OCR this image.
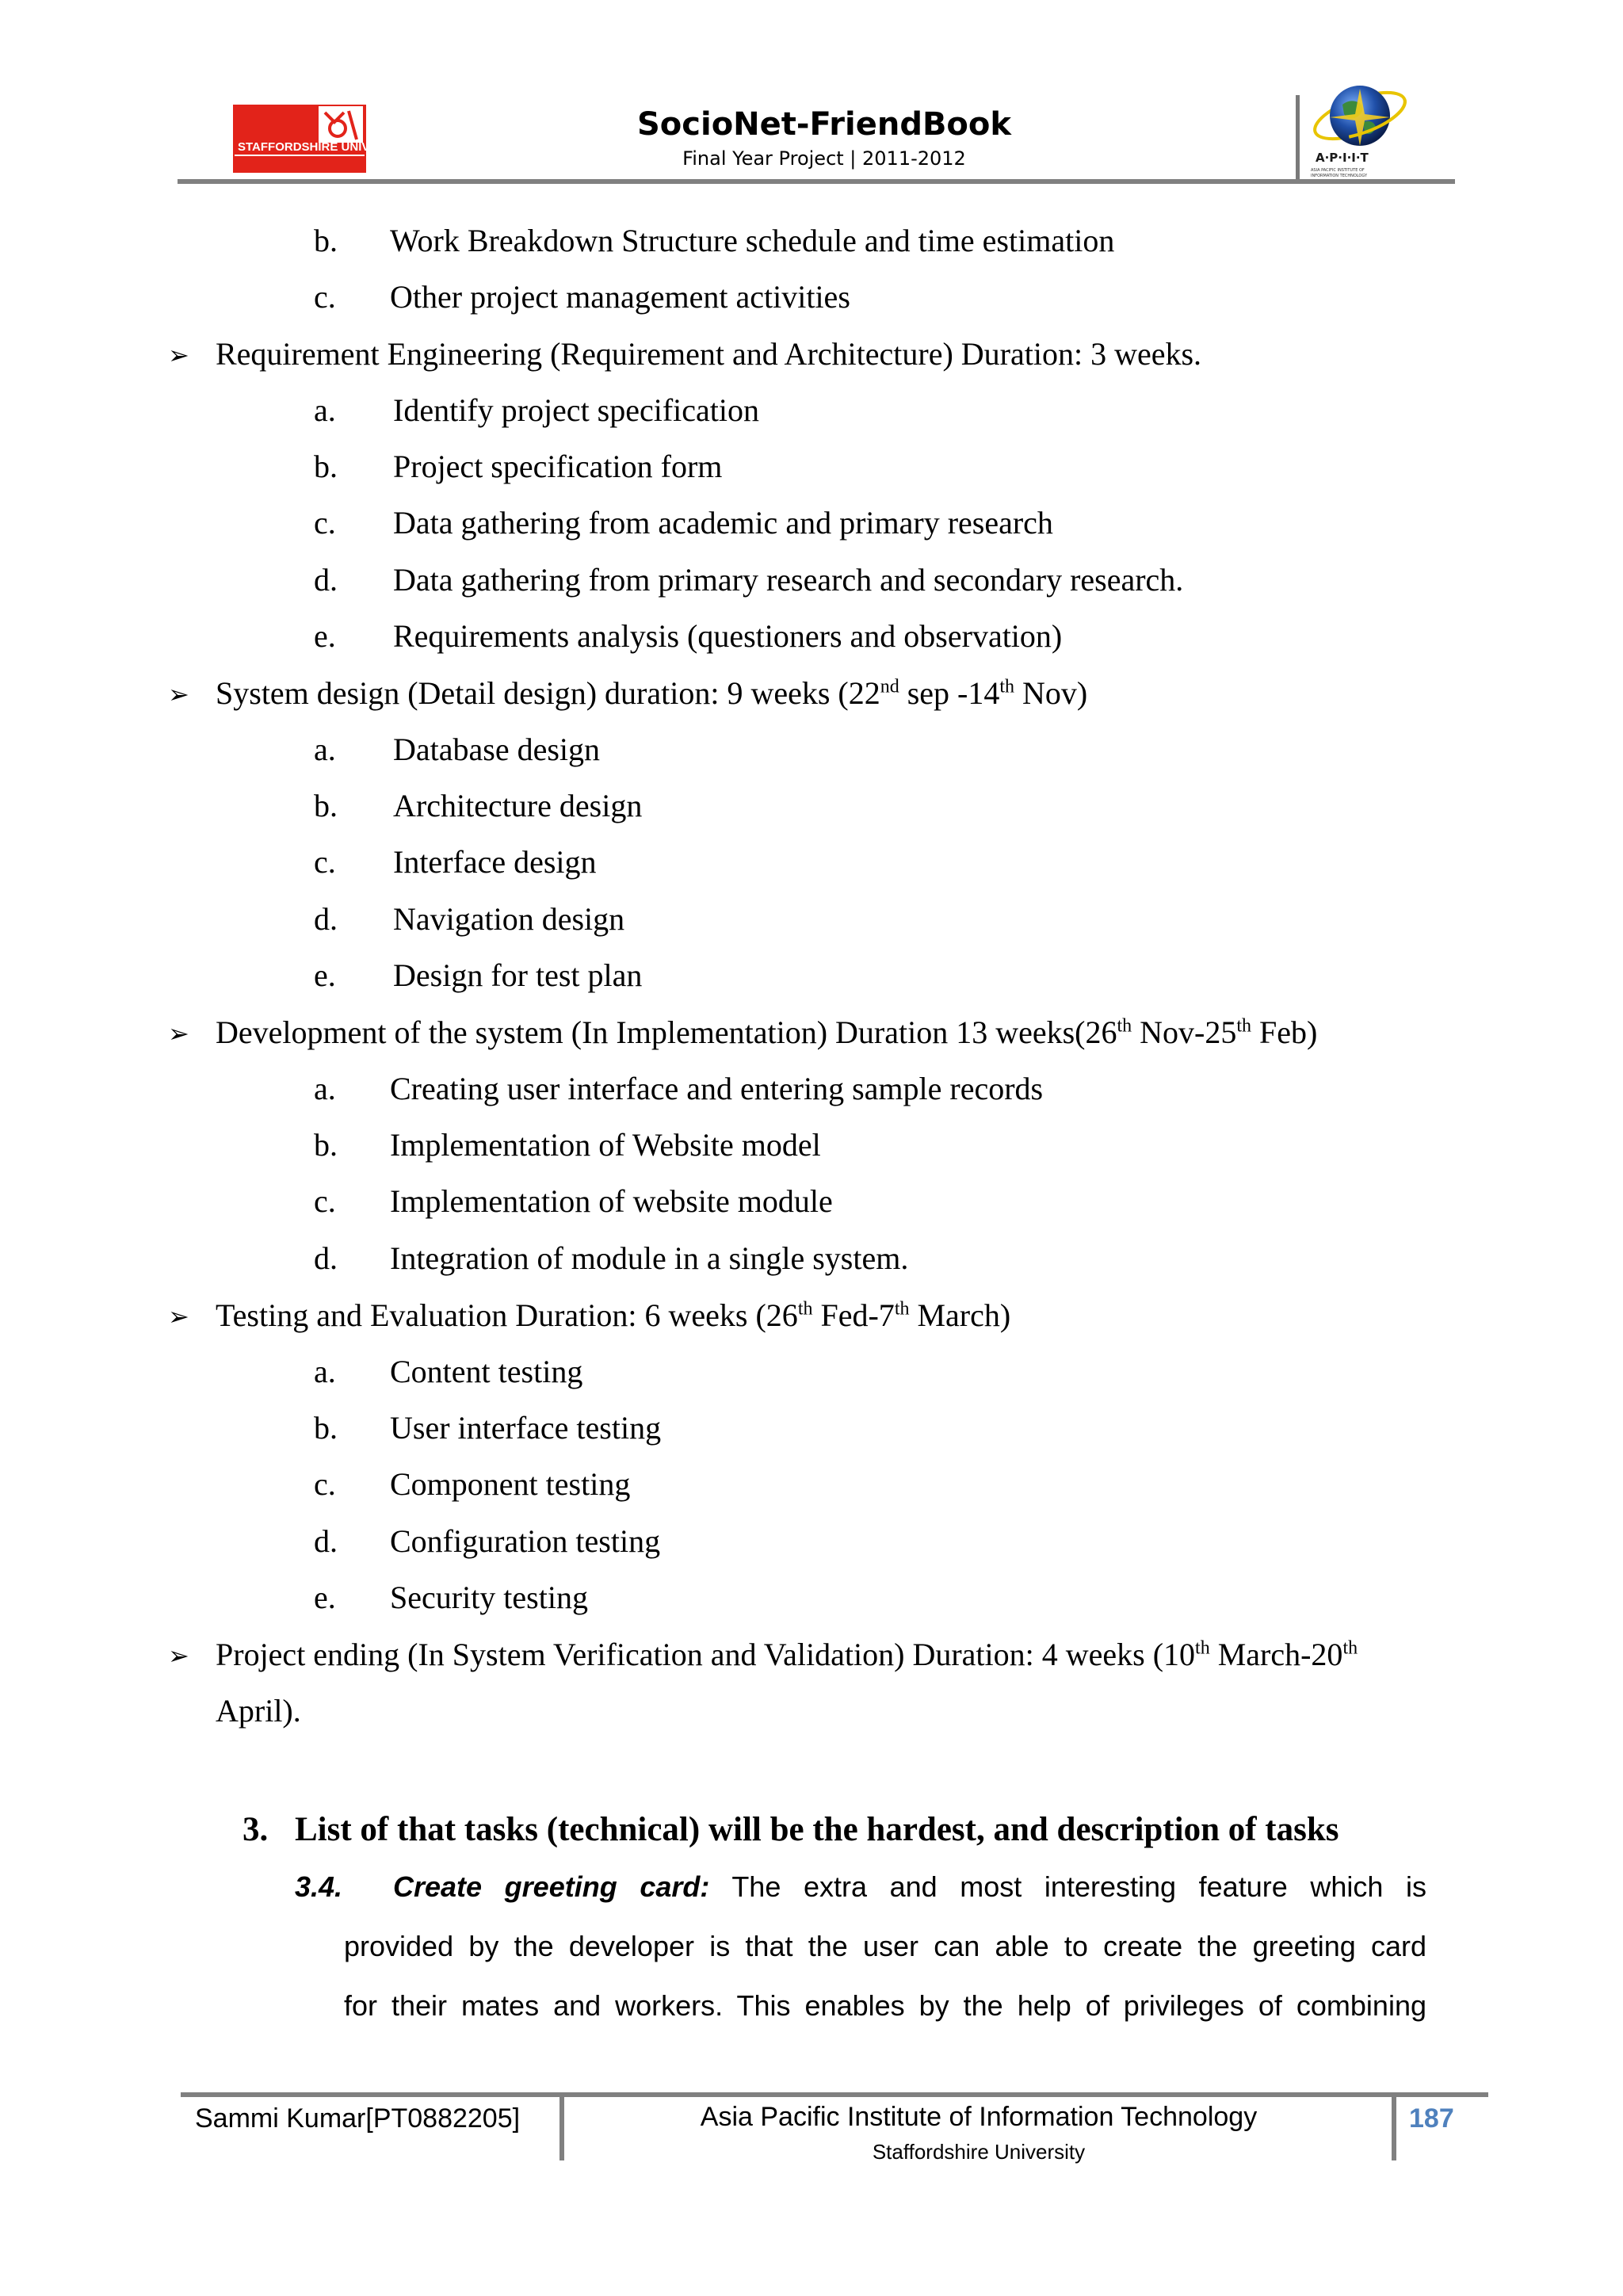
STAFFORDSHIRE UNIVERSITY
SocioNet-FriendBook
Final Year Project | 2011-2012	A·P·I·I·T
ASIA PACIFIC INSTITUTE OF
INFORMATION TECHNOLOGY
b. Work Breakdown Structure schedule and time estimation
c. Other project management activities
➢ Requirement Engineering (Requirement and Architecture) Duration: 3 weeks.
a. Identify project specification
b. Project specification form
c. Data gathering from academic and primary research
d. Data gathering from primary research and secondary research.
e. Requirements analysis (questioners and observation)
➢ System design (Detail design) duration: 9 weeks (22nd sep -14th Nov)
a. Database design
b. Architecture design
c. Interface design
d. Navigation design
e. Design for test plan
➢ Development of the system (In Implementation) Duration 13 weeks(26th Nov-25th Feb)
a. Creating user interface and entering sample records
b. Implementation of Website model
c. Implementation of website module
d. Integration of module in a single system.
➢ Testing and Evaluation Duration: 6 weeks (26th Fed-7th March)
a. Content testing
b. User interface testing
c. Component testing
d. Configuration testing
e. Security testing
➢ Project ending (In System Verification and Validation) Duration: 4 weeks (10th March-20th
April).
3. List of that tasks (technical) will be the hardest, and description of tasks
3.4. Create greeting card: The extra and most interesting feature which is
provided by the developer is that the user can able to create the greeting card
for their mates and workers. This enables by the help of privileges of combining
Sammi Kumar[PT0882205]	Asia Pacific Institute of Information Technology
Staffordshire University
187
